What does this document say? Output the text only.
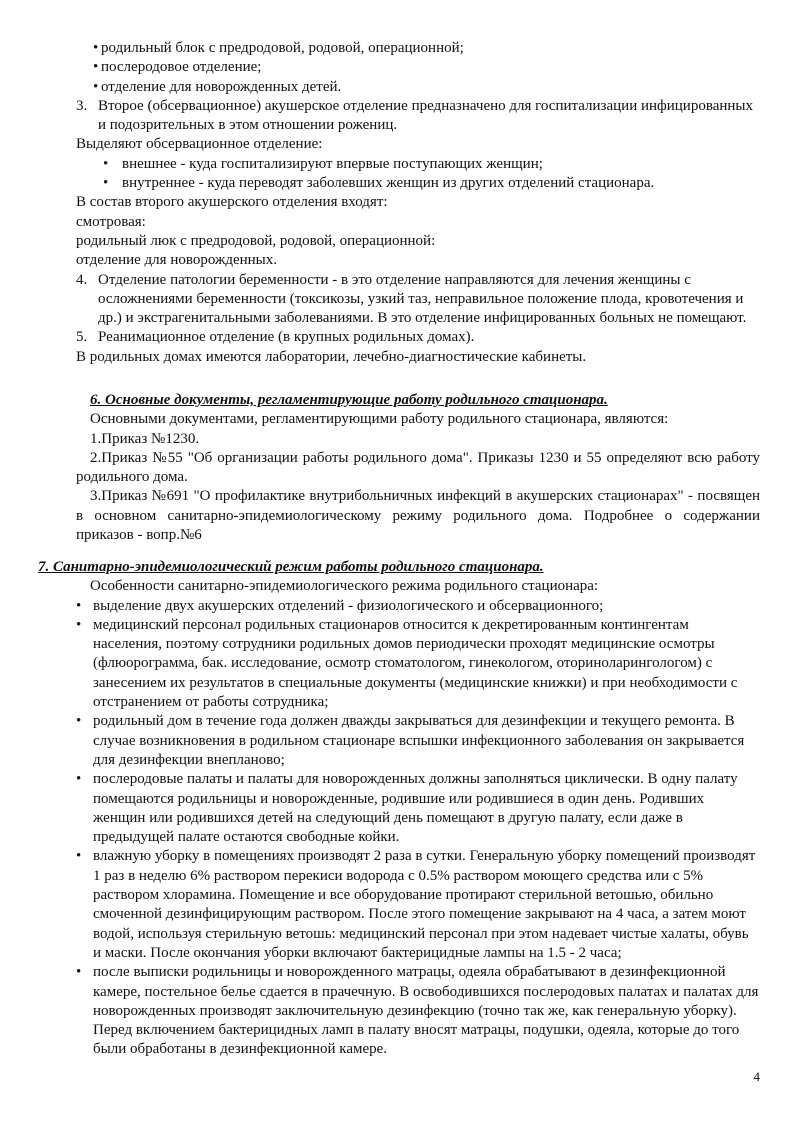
• родильный блок с предродовой, родовой, операционной;
• послеродовое отделение;
• отделение для новорожденных детей.

3. Второе (обсервационное) акушерское отделение предназначено для госпитализации инфицированных и подозрительных в этом отношении рожениц.

Выделяют обсервационное отделение:

• внешнее - куда госпитализируют впервые поступающих женщин;

• внутреннее - куда переводят заболевших женщин из других отделений стационара.

В состав второго акушерского отделения входят:

смотровая:

родильный люк с предродовой, родовой, операционной:

отделение для новорожденных.

4. Отделение патологии беременности - в это отделение направляются для лечения женщины с осложнениями беременности (токсикозы, узкий таз, неправильное положение плода, кровотечения и др.) и экстрагенитальными заболеваниями. В это отделение инфицированных больных не помещают.

5. Реанимационное отделение (в крупных родильных домах).

В родильных домах имеются лаборатории, лечебно-диагностические кабинеты.

6. Основные документы, регламентирующие работу родильного стационара.

Основными документами, регламентирующими работу родильного стационара, являются:

1.Приказ №1230.

2.Приказ №55 "Об организации работы родильного дома". Приказы 1230 и 55 определяют всю работу родильного дома.

3.Приказ №691 "О профилактике внутрибольничных инфекций в акушерских стационарах" - посвящен в основном санитарно-эпидемиологическому режиму родильного дома. Подробнее о содержании приказов - вопр.№6

7. Санитарно-эпидемиологический режим работы родильного стационара.

Особенности санитарно-эпидемиологического режима родильного стационара:

• выделение двух акушерских отделений - физиологического и обсервационного;

• медицинский персонал родильных стационаров относится к декретированным контингентам населения, поэтому сотрудники родильных домов периодически проходят медицинские осмотры (флюорограмма, бак. исследование, осмотр стоматологом, гинекологом, оториноларингологом) с занесением их результатов в специальные документы (медицинские книжки) и при необходимости с отстранением от работы сотрудника;

• родильный дом в течение года должен дважды закрываться для дезинфекции и текущего ремонта. В случае возникновения в родильном стационаре вспышки инфекционного заболевания он закрывается для дезинфекции внепланово;

• послеродовые палаты и палаты для новорожденных должны заполняться циклически. В одну палату помещаются родильницы и новорожденные, родившие или родившиеся в один день. Родивших женщин или родившихся детей на следующий день помещают в другую палату, если даже в предыдущей палате остаются свободные койки.

• влажную уборку в помещениях производят 2 раза в сутки. Генеральную уборку помещений производят 1 раз в неделю 6% раствором перекиси водорода с 0.5% раствором моющего средства или с 5% раствором хлорамина. Помещение и все оборудование протирают стерильной ветошью, обильно смоченной дезинфицирующим раствором. После этого помещение закрывают на 4 часа, а затем моют водой, используя стерильную ветошь: медицинский персонал при этом надевает чистые халаты, обувь и маски. После окончания уборки включают бактерицидные лампы на 1.5 - 2 часа;

• после выписки родильницы и новорожденного матрацы, одеяла обрабатывают в дезинфекционной камере, постельное белье сдается в прачечную. В освободившихся послеродовых палатах и палатах для новорожденных производят заключительную дезинфекцию (точно так же, как генеральную уборку). Перед включением бактерицидных ламп в палату вносят матрацы, подушки, одеяла, которые до того были обработаны в дезинфекционной камере.

4
